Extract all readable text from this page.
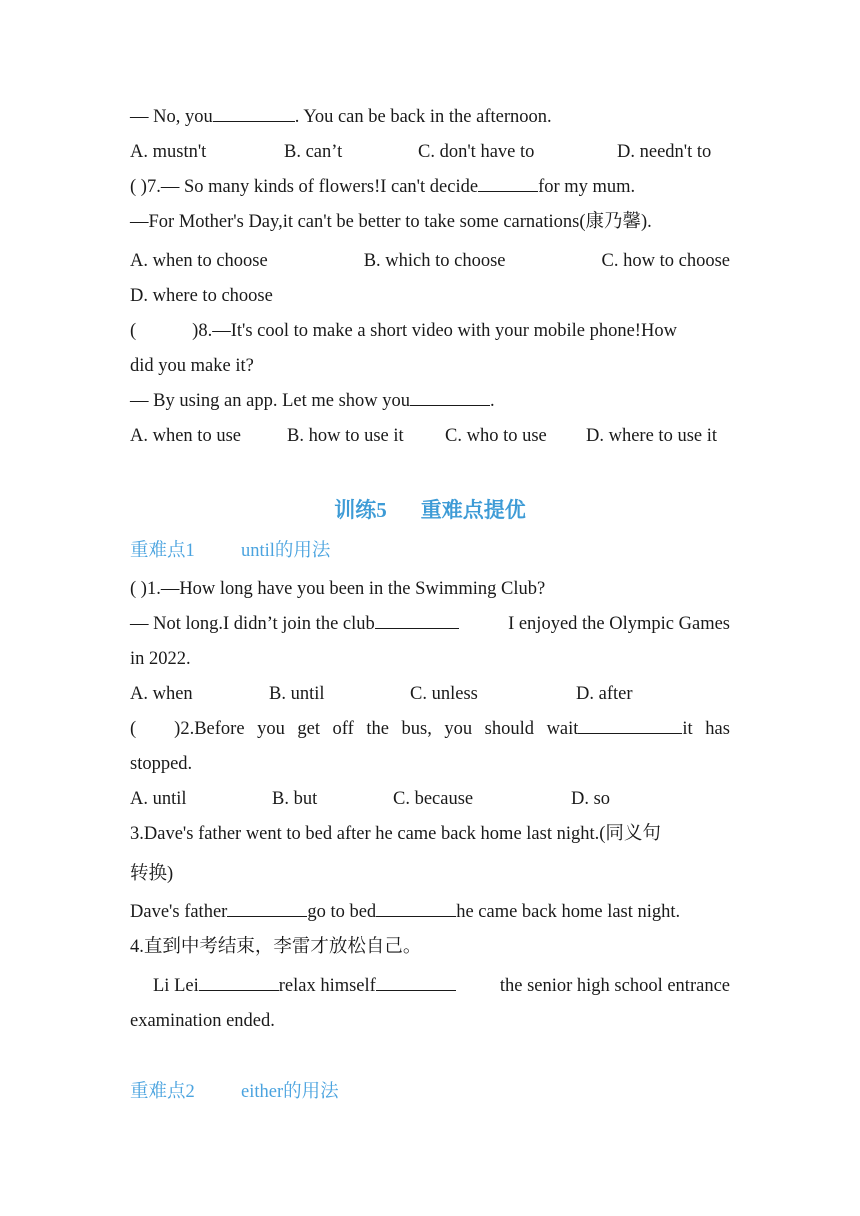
— No, you	. You can be back in the afternoon.
A. mustn't	B. can’t	C. don't have to	D. needn't to
( )7.— So many kinds of flowers!I can't decide	for my mum.
—For Mother's Day,it can't be better to take some carnations(康乃馨).
A. when to choose	B. which to choose	C. how to choose
D. where to choose
(	)8.—It's cool to make a short video with your mobile phone!How
did you make it?
— By using an app. Let me show you	.
A. when to use	B. how to use it	C. who to use	D. where to use it
训练5 重难点提优
重难点1 until的用法
( )1.—How long have you been in the Swimming Club?
— Not long.I didn’t join the club	I enjoyed the Olympic Games
in 2022.
A. when	B. until	C. unless	D. after
( )2.Before you get off the bus, you should wait	it has
stopped.
A. until	B. but	C. because	D. so
3.Dave's father went to bed after he came back home last night.(同义句
转换)
Dave's father	go to bed	he came back home last night.
4.直到中考结束，李雷才放松自己。
Li Lei	relax himself	the senior high school entrance
examination ended.
重难点2 either的用法
